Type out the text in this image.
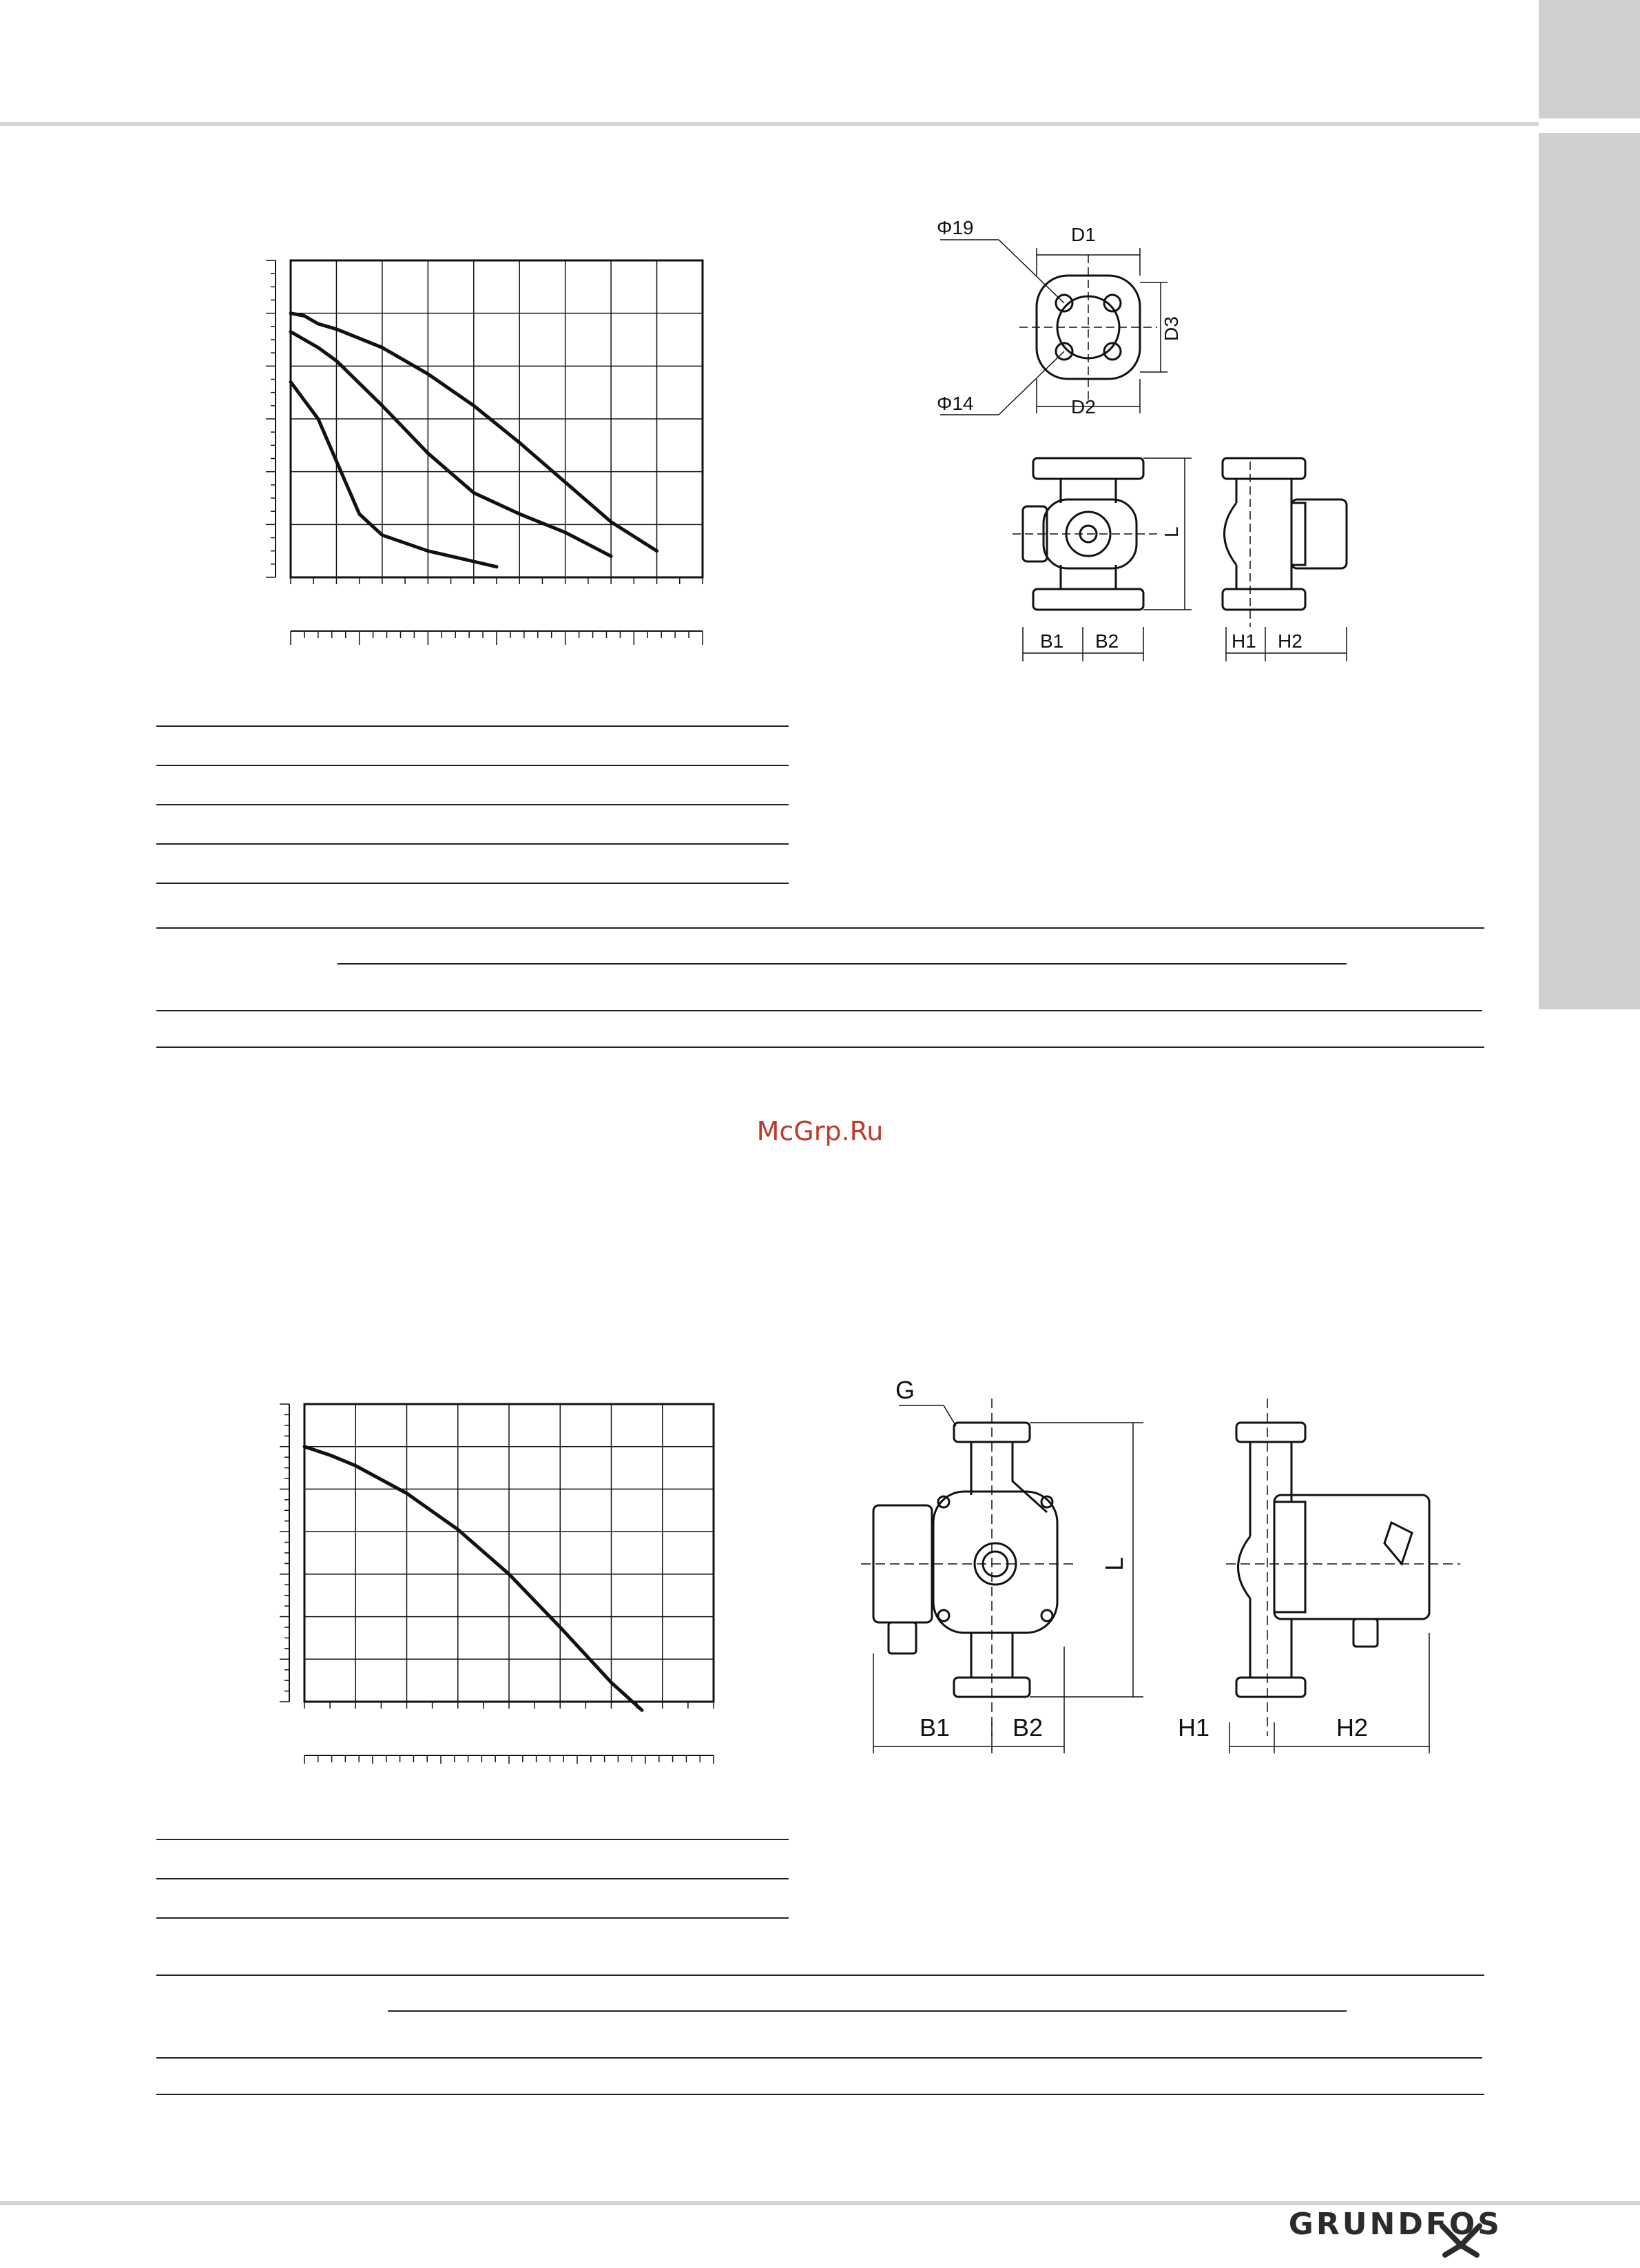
Φ19	D1
Φ14	D2
D3
L
B1 B2	H1 H2
McGrp.Ru
G
L
B1	B2	H1	H2
GRUNDFOS
